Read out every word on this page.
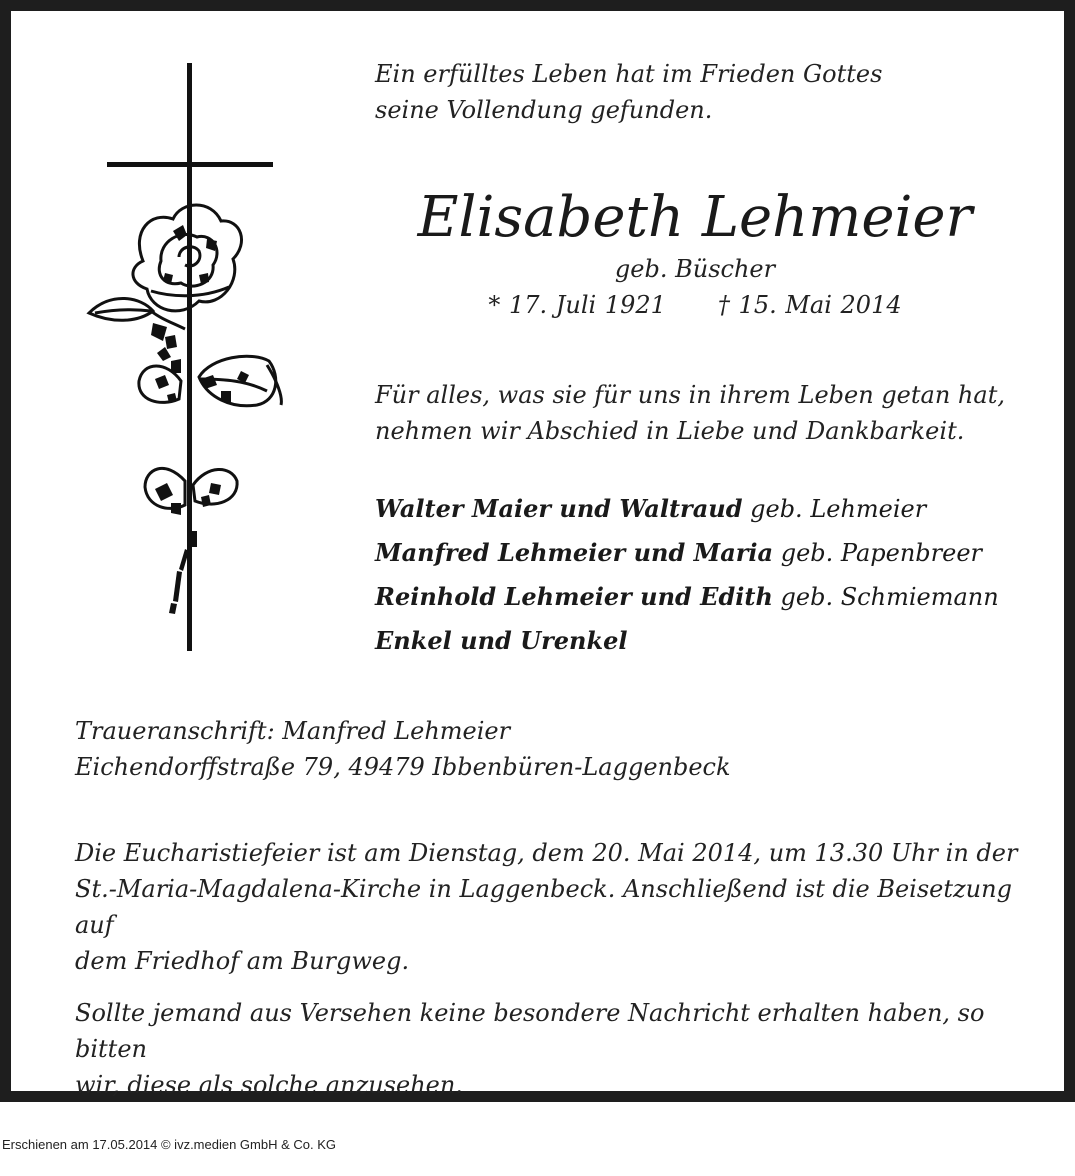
Ein erfülltes Leben hat im Frieden Gottes
seine Vollendung gefunden.
Elisabeth Lehmeier
geb. Büscher
* 17. Juli 1921 † 15. Mai 2014
Für alles, was sie für uns in ihrem Leben getan hat,
nehmen wir Abschied in Liebe und Dankbarkeit.
Walter Maier und Waltraud geb. Lehmeier
Manfred Lehmeier und Maria geb. Papenbreer
Reinhold Lehmeier und Edith geb. Schmiemann
Enkel und Urenkel
Traueranschrift: Manfred Lehmeier
Eichendorffstraße 79, 49479 Ibbenbüren-Laggenbeck
Die Eucharistiefeier ist am Dienstag, dem 20. Mai 2014, um 13.30 Uhr in der
St.-Maria-Magdalena-Kirche in Laggenbeck. Anschließend ist die Beisetzung auf
dem Friedhof am Burgweg.
Sollte jemand aus Versehen keine besondere Nachricht erhalten haben, so bitten
wir, diese als solche anzusehen.
Erschienen am 17.05.2014 © ivz.medien GmbH & Co. KG
